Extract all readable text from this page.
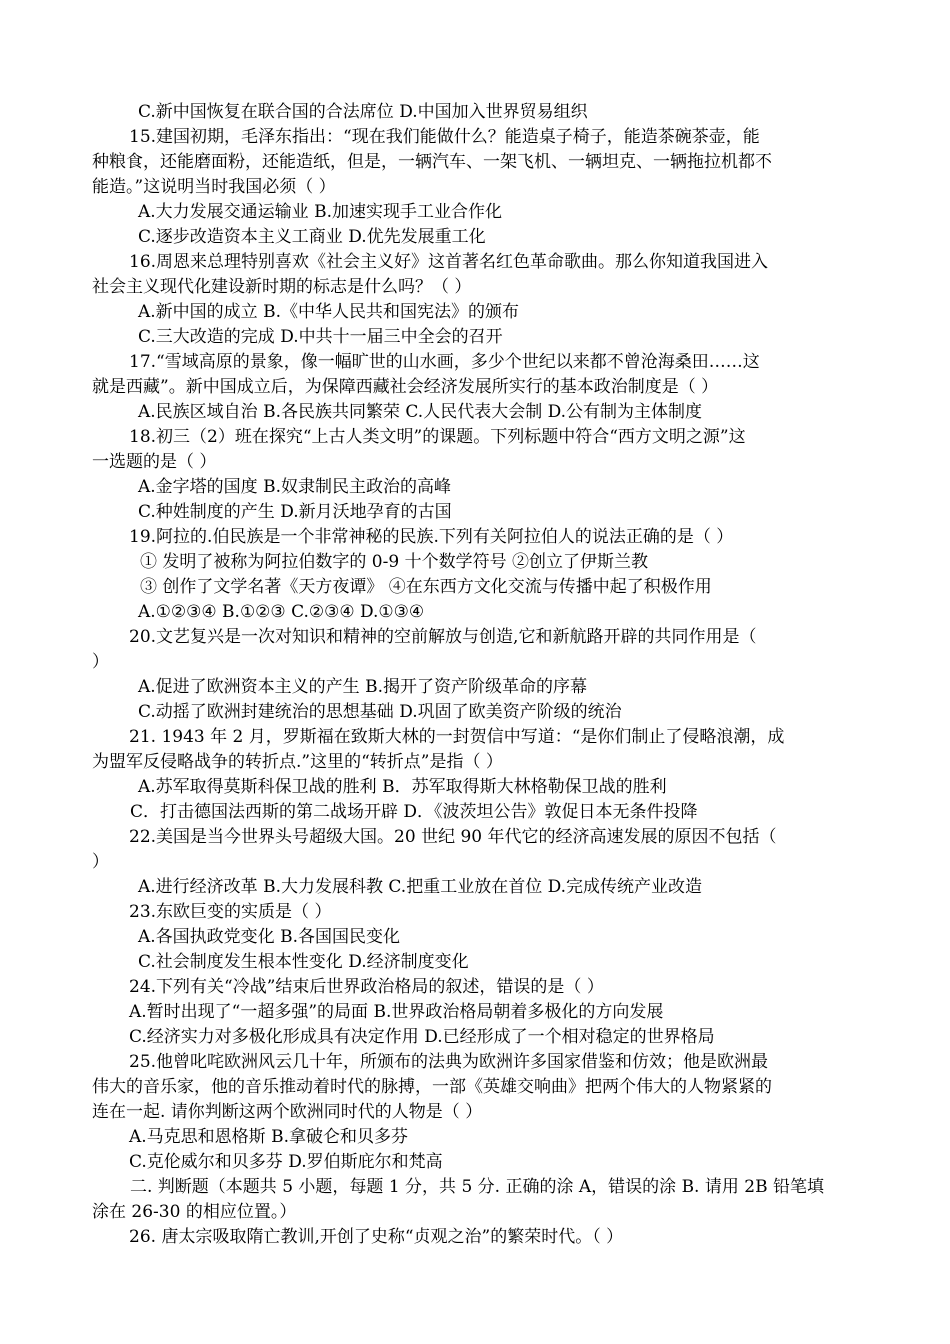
C.新中国恢复在联合国的合法席位 D.中国加入世界贸易组织
15.建国初期，毛泽东指出：“现在我们能做什么？能造桌子椅子，能造茶碗茶壶，能
种粮食，还能磨面粉，还能造纸，但是，一辆汽车、一架飞机、一辆坦克、一辆拖拉机都不
能造。”这说明当时我国必须（ ）
A.大力发展交通运输业 B.加速实现手工业合作化
C.逐步改造资本主义工商业 D.优先发展重工化
16.周恩来总理特别喜欢《社会主义好》这首著名红色革命歌曲。那么你知道我国进入
社会主义现代化建设新时期的标志是什么吗？（ ）
A.新中国的成立 B.《中华人民共和国宪法》的颁布
C.三大改造的完成 D.中共十一届三中全会的召开
17.“雪域高原的景象，像一幅旷世的山水画，多少个世纪以来都不曾沧海桑田……这
就是西藏”。新中国成立后，为保障西藏社会经济发展所实行的基本政治制度是（ ）
A.民族区域自治 B.各民族共同繁荣 C.人民代表大会制 D.公有制为主体制度
18.初三（2）班在探究“上古人类文明”的课题。下列标题中符合“西方文明之源”这
一选题的是（ ）
A.金字塔的国度 B.奴隶制民主政治的高峰
C.种姓制度的产生 D.新月沃地孕育的古国
19.阿拉的.伯民族是一个非常神秘的民族.下列有关阿拉伯人的说法正确的是（ ）
① 发明了被称为阿拉伯数字的 0-9 十个数学符号 ②创立了伊斯兰教
③ 创作了文学名著《天方夜谭》 ④在东西方文化交流与传播中起了积极作用
A.①②③④ B.①②③ C.②③④ D.①③④
20.文艺复兴是一次对知识和精神的空前解放与创造,它和新航路开辟的共同作用是（
）
A.促进了欧洲资本主义的产生 B.揭开了资产阶级革命的序幕
C.动摇了欧洲封建统治的思想基础 D.巩固了欧美资产阶级的统治
21. 1943 年 2 月，罗斯福在致斯大林的一封贺信中写道：“是你们制止了侵略浪潮，成
为盟军反侵略战争的转折点.”这里的“转折点”是指（ ）
A.苏军取得莫斯科保卫战的胜利 B．苏军取得斯大林格勒保卫战的胜利
C．打击德国法西斯的第二战场开辟 D．《波茨坦公告》敦促日本无条件投降
22.美国是当今世界头号超级大国。20 世纪 90 年代它的经济高速发展的原因不包括（
）
A.进行经济改革 B.大力发展科教 C.把重工业放在首位 D.完成传统产业改造
23.东欧巨变的实质是（ ）
A.各国执政党变化 B.各国国民变化
C.社会制度发生根本性变化 D.经济制度变化
24.下列有关“冷战”结束后世界政治格局的叙述，错误的是（ ）
A.暂时出现了“一超多强”的局面 B.世界政治格局朝着多极化的方向发展
C.经济实力对多极化形成具有决定作用 D.已经形成了一个相对稳定的世界格局
25.他曾叱咤欧洲风云几十年，所颁布的法典为欧洲许多国家借鉴和仿效；他是欧洲最
伟大的音乐家，他的音乐推动着时代的脉搏，一部《英雄交响曲》把两个伟大的人物紧紧的
连在一起. 请你判断这两个欧洲同时代的人物是（ ）
A.马克思和恩格斯 B.拿破仑和贝多芬
C.克伦威尔和贝多芬 D.罗伯斯庇尔和梵高
二. 判断题（本题共 5 小题，每题 1 分，共 5 分. 正确的涂 A，错误的涂 B. 请用 2B 铅笔填
涂在 26-30 的相应位置。）
26. 唐太宗吸取隋亡教训,开创了史称“贞观之治”的繁荣时代。（ ）
